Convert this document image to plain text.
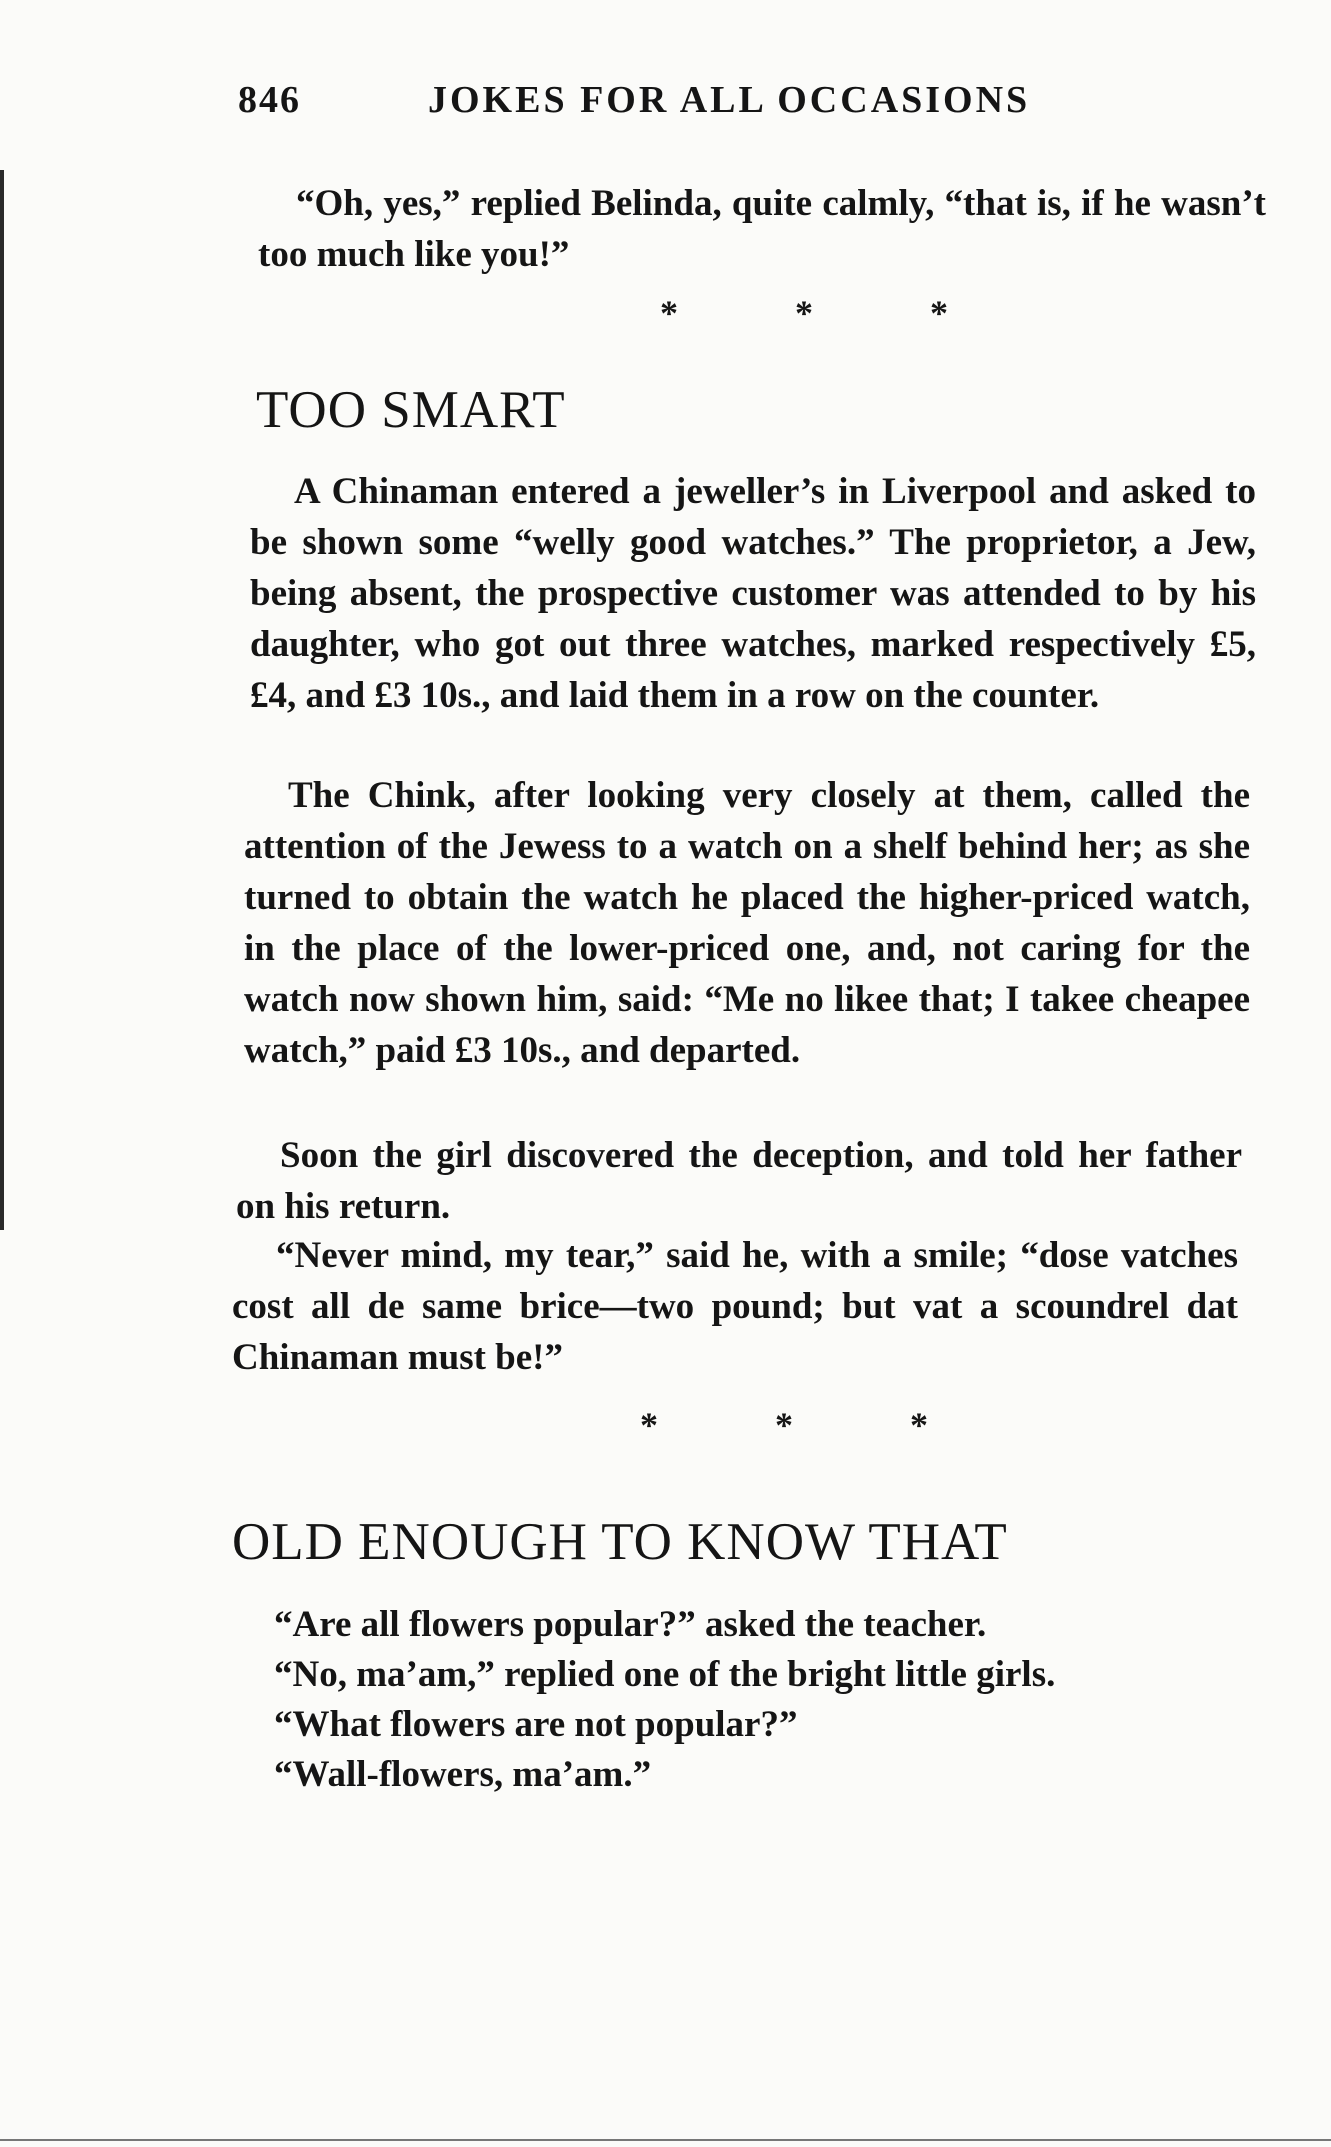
846	JOKES FOR ALL OCCASIONS

“Oh, yes,” replied Belinda, quite calmly, “that is, if he wasn’t too much like you!”

* * *
TOO SMART

A Chinaman entered a jeweller’s in Liverpool and asked to be shown some “welly good watches.” The proprietor, a Jew, being absent, the prospective customer was attended to by his daughter, who got out three watches, marked respectively £5, £4, and £3 10s., and laid them in a row on the counter.

The Chink, after looking very closely at them, called the attention of the Jewess to a watch on a shelf behind her; as she turned to obtain the watch he placed the higher-priced watch, in the place of the lower-priced one, and, not caring for the watch now shown him, said: “Me no likee that; I takee cheapee watch,” paid £3 10s., and departed.

Soon the girl discovered the deception, and told her father on his return.

“Never mind, my tear,” said he, with a smile; “dose vatches cost all de same brice—two pound; but vat a scoundrel dat Chinaman must be!”

* * *
OLD ENOUGH TO KNOW THAT

“Are all flowers popular?” asked the teacher.

“No, ma’am,” replied one of the bright little girls.

“What flowers are not popular?”

“Wall-flowers, ma’am.”
